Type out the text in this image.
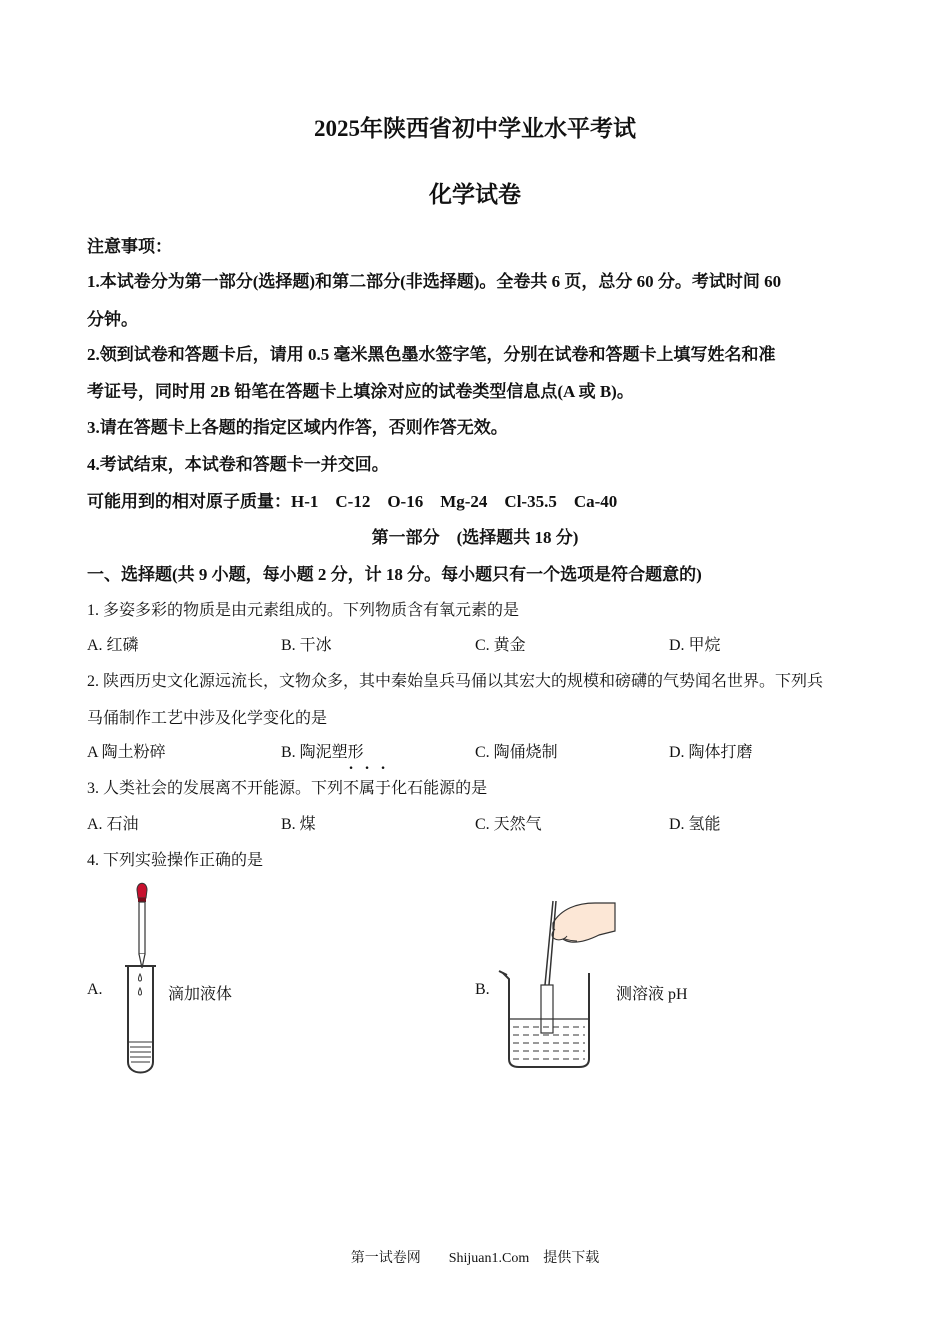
2025年陕西省初中学业水平考试
化学试卷
注意事项：
1.本试卷分为第一部分(选择题)和第二部分(非选择题)。全卷共 6 页，总分 60 分。考试时间 60
分钟。
2.领到试卷和答题卡后，请用 0.5 毫米黑色墨水签字笔，分别在试卷和答题卡上填写姓名和准
考证号，同时用 2B 铅笔在答题卡上填涂对应的试卷类型信息点(A 或 B)。
3.请在答题卡上各题的指定区域内作答，否则作答无效。
4.考试结束，本试卷和答题卡一并交回。
可能用到的相对原子质量：H-1　C-12　O-16　Mg-24　Cl-35.5　Ca-40
第一部分　(选择题共 18 分)
一、选择题(共 9 小题，每小题 2 分，计 18 分。每小题只有一个选项是符合题意的)
1. 多姿多彩的物质是由元素组成的。下列物质含有氧元素的是
A. 红磷	B. 干冰	C. 黄金	D. 甲烷
2. 陕西历史文化源远流长，文物众多，其中秦始皇兵马俑以其宏大的规模和磅礴的气势闻名世界。下列兵
马俑制作工艺中涉及化学变化的是
A 陶土粉碎	B. 陶泥塑形	C. 陶俑烧制	D. 陶体打磨
3. 人类社会的发展离不开能源。下列不属于化石能源的是
A. 石油	B. 煤	C. 天然气	D. 氢能
4. 下列实验操作正确的是
A.	滴加液体	B.	测溶液 pH
第一试卷网　　Shijuan1.Com　提供下载
